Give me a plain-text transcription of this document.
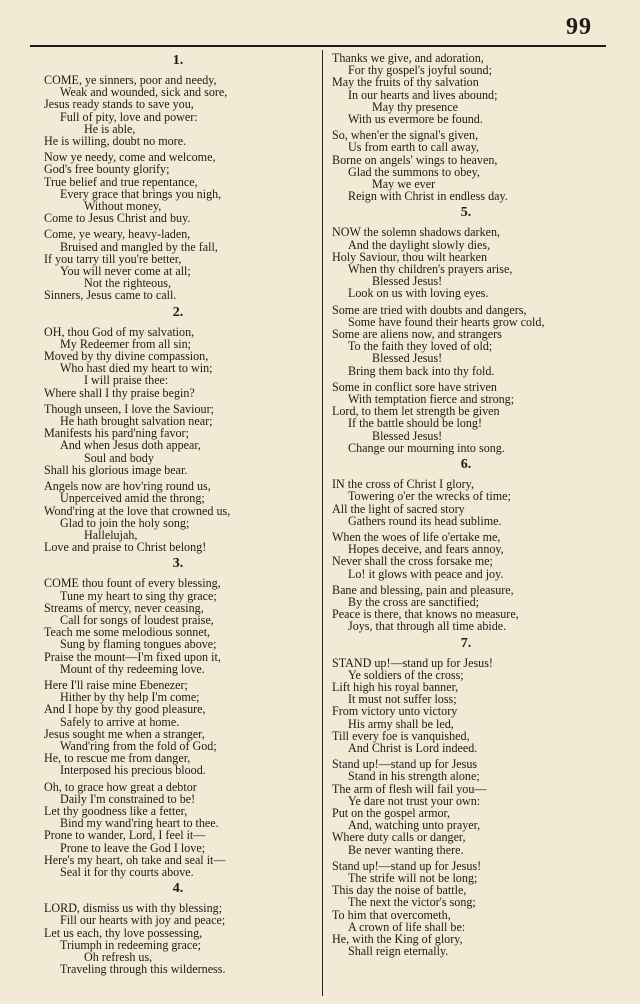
99
1.
COME, ye sinners, poor and needy,
Weak and wounded, sick and sore,
Jesus ready stands to save you,
Full of pity, love and power:
He is able,
He is willing, doubt no more.
Now ye needy, come and welcome,
God's free bounty glorify;
True belief and true repentance,
Every grace that brings you nigh,
Without money,
Come to Jesus Christ and buy.
Come, ye weary, heavy-laden,
Bruised and mangled by the fall,
If you tarry till you're better,
You will never come at all;
Not the righteous,
Sinners, Jesus came to call.
2.
OH, thou God of my salvation,
My Redeemer from all sin;
Moved by thy divine compassion,
Who hast died my heart to win;
I will praise thee:
Where shall I thy praise begin?
Though unseen, I love the Saviour;
He hath brought salvation near;
Manifests his pard'ning favor;
And when Jesus doth appear,
Soul and body
Shall his glorious image bear.
Angels now are hov'ring round us,
Unperceived amid the throng;
Wond'ring at the love that crowned us,
Glad to join the holy song;
Hallelujah,
Love and praise to Christ belong!
3.
COME thou fount of every blessing,
Tune my heart to sing thy grace;
Streams of mercy, never ceasing,
Call for songs of loudest praise,
Teach me some melodious sonnet,
Sung by flaming tongues above;
Praise the mount—I'm fixed upon it,
Mount of thy redeeming love.
Here I'll raise mine Ebenezer;
Hither by thy help I'm come;
And I hope by thy good pleasure,
Safely to arrive at home.
Jesus sought me when a stranger,
Wand'ring from the fold of God;
He, to rescue me from danger,
Interposed his precious blood.
Oh, to grace how great a debtor
Daily I'm constrained to be!
Let thy goodness like a fetter,
Bind my wand'ring heart to thee.
Prone to wander, Lord, I feel it—
Prone to leave the God I love;
Here's my heart, oh take and seal it—
Seal it for thy courts above.
4.
LORD, dismiss us with thy blessing;
Fill our hearts with joy and peace;
Let us each, thy love possessing,
Triumph in redeeming grace;
Oh refresh us,
Traveling through this wilderness.
Thanks we give, and adoration,
For thy gospel's joyful sound;
May the fruits of thy salvation
In our hearts and lives abound;
May thy presence
With us evermore be found.
So, when'er the signal's given,
Us from earth to call away,
Borne on angels' wings to heaven,
Glad the summons to obey,
May we ever
Reign with Christ in endless day.
5.
NOW the solemn shadows darken,
And the daylight slowly dies,
Holy Saviour, thou wilt hearken
When thy children's prayers arise,
Blessed Jesus!
Look on us with loving eyes.
Some are tried with doubts and dangers,
Some have found their hearts grow cold,
Some are aliens now, and strangers
To the faith they loved of old;
Blessed Jesus!
Bring them back into thy fold.
Some in conflict sore have striven
With temptation fierce and strong;
Lord, to them let strength be given
If the battle should be long!
Blessed Jesus!
Change our mourning into song.
6.
IN the cross of Christ I glory,
Towering o'er the wrecks of time;
All the light of sacred story
Gathers round its head sublime.
When the woes of life o'ertake me,
Hopes deceive, and fears annoy,
Never shall the cross forsake me;
Lo! it glows with peace and joy.
Bane and blessing, pain and pleasure,
By the cross are sanctified;
Peace is there, that knows no measure,
Joys, that through all time abide.
7.
STAND up!—stand up for Jesus!
Ye soldiers of the cross;
Lift high his royal banner,
It must not suffer loss;
From victory unto victory
His army shall be led,
Till every foe is vanquished,
And Christ is Lord indeed.
Stand up!—stand up for Jesus
Stand in his strength alone;
The arm of flesh will fail you—
Ye dare not trust your own:
Put on the gospel armor,
And, watching unto prayer,
Where duty calls or danger,
Be never wanting there.
Stand up!—stand up for Jesus!
The strife will not be long;
This day the noise of battle,
The next the victor's song;
To him that overcometh,
A crown of life shall be:
He, with the King of glory,
Shall reign eternally.
